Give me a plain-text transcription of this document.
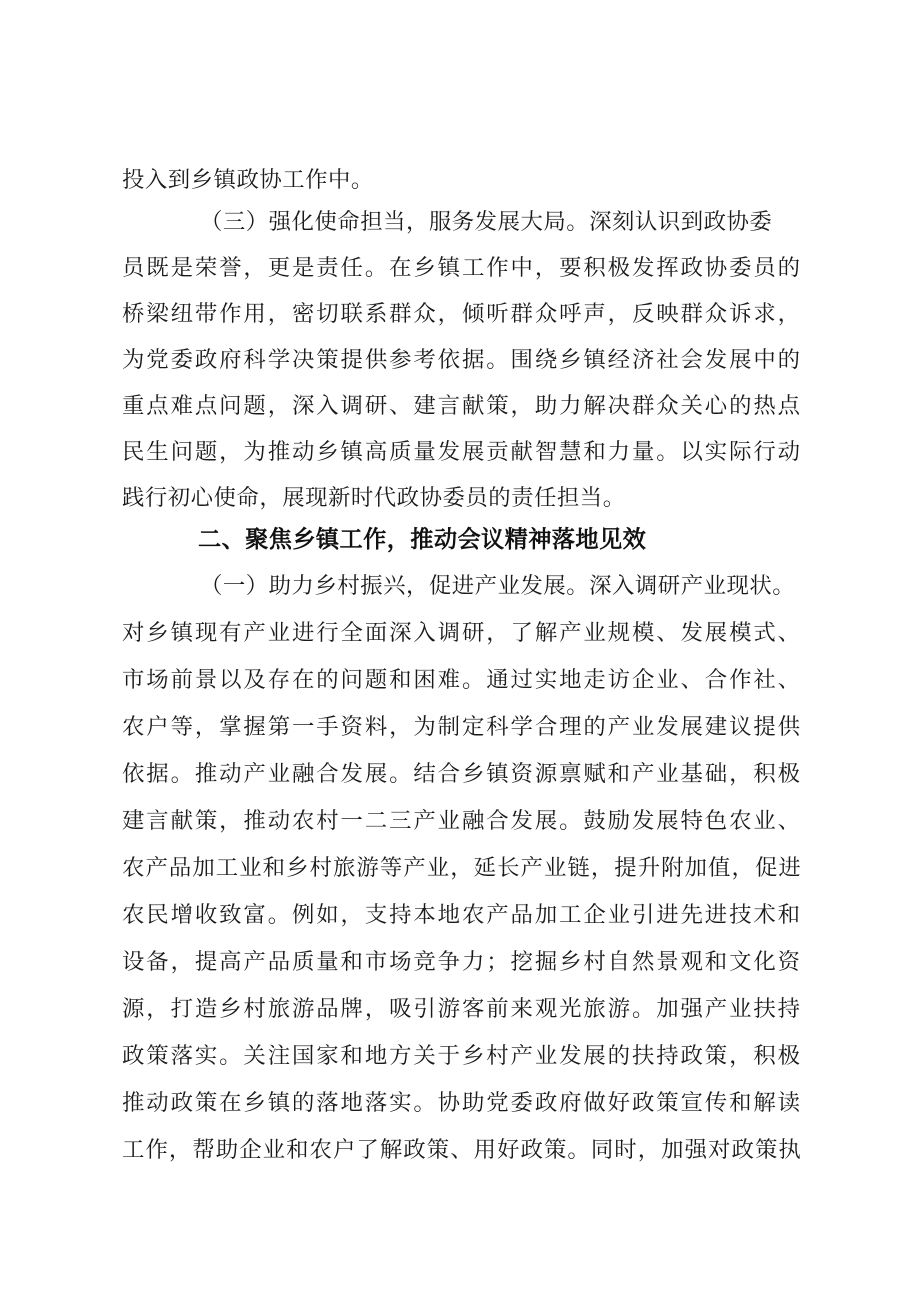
投入到乡镇政协工作中。
（三）强化使命担当，服务发展大局。深刻认识到政协委
员既是荣誉，更是责任。在乡镇工作中，要积极发挥政协委员的
桥梁纽带作用，密切联系群众，倾听群众呼声，反映群众诉求，
为党委政府科学决策提供参考依据。围绕乡镇经济社会发展中的
重点难点问题，深入调研、建言献策，助力解决群众关心的热点
民生问题，为推动乡镇高质量发展贡献智慧和力量。以实际行动
践行初心使命，展现新时代政协委员的责任担当。
二、聚焦乡镇工作，推动会议精神落地见效
（一）助力乡村振兴，促进产业发展。深入调研产业现状。
对乡镇现有产业进行全面深入调研，了解产业规模、发展模式、
市场前景以及存在的问题和困难。通过实地走访企业、合作社、
农户等，掌握第一手资料，为制定科学合理的产业发展建议提供
依据。推动产业融合发展。结合乡镇资源禀赋和产业基础，积极
建言献策，推动农村一二三产业融合发展。鼓励发展特色农业、
农产品加工业和乡村旅游等产业，延长产业链，提升附加值，促进
农民增收致富。例如，支持本地农产品加工企业引进先进技术和
设备，提高产品质量和市场竞争力；挖掘乡村自然景观和文化资
源，打造乡村旅游品牌，吸引游客前来观光旅游。加强产业扶持
政策落实。关注国家和地方关于乡村产业发展的扶持政策，积极
推动政策在乡镇的落地落实。协助党委政府做好政策宣传和解读
工作，帮助企业和农户了解政策、用好政策。同时，加强对政策执
